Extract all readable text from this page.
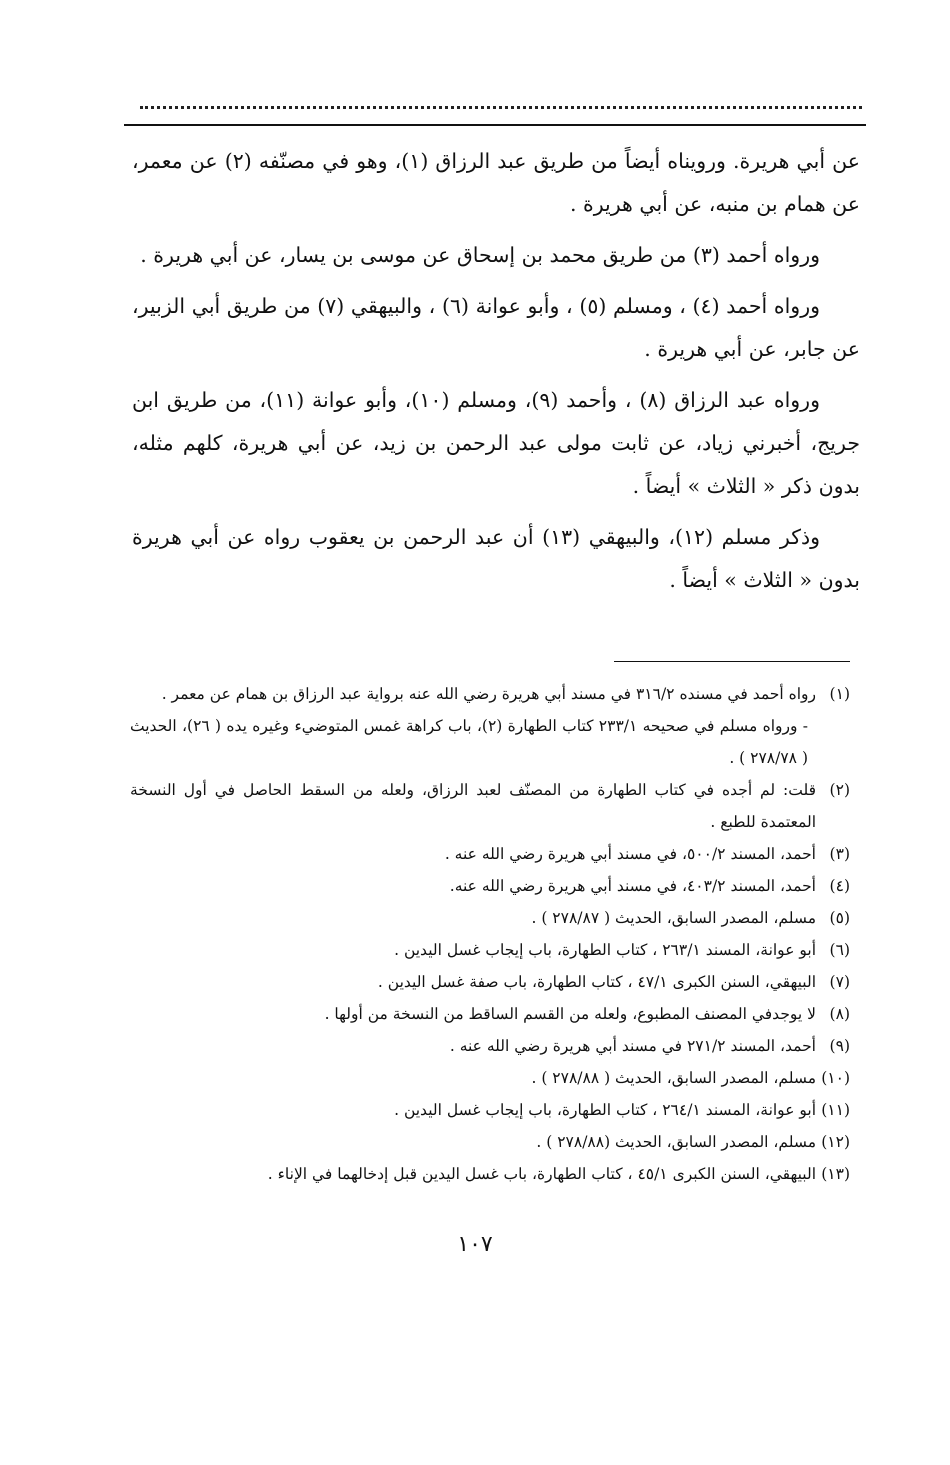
عن أبي هريرة. ورويناه أيضاً من طريق عبد الرزاق (١)، وهو في مصنّفه (٢) عن معمر، عن همام بن منبه، عن أبي هريرة .

ورواه أحمد (٣) من طريق محمد بن إسحاق عن موسى بن يسار، عن أبي هريرة .

ورواه أحمد (٤) ، ومسلم (٥) ، وأبو عوانة (٦) ، والبيهقي (٧) من طريق أبي الزبير، عن جابر، عن أبي هريرة .

ورواه عبد الرزاق (٨) ، وأحمد (٩)، ومسلم (١٠)، وأبو عوانة (١١)، من طريق ابن جريج، أخبرني زياد، عن ثابت مولى عبد الرحمن بن زيد، عن أبي هريرة، كلهم مثله، بدون ذكر « الثلاث » أيضاً .

وذكر مسلم (١٢)، والبيهقي (١٣) أن عبد الرحمن بن يعقوب رواه عن أبي هريرة بدون « الثلاث » أيضاً .

(١)
رواه أحمد في مسنده ٣١٦/٢ في مسند أبي هريرة رضي الله عنه برواية عبد الرزاق بن همام عن معمر .
- ورواه مسلم في صحيحه ٢٣٣/١ كتاب الطهارة (٢)، باب كراهة غمس المتوضيء وغيره يده ( ٢٦)، الحديث ( ٢٧٨/٧٨ ) .
(٢)
قلت: لم أجده في كتاب الطهارة من المصنّف لعبد الرزاق، ولعله من السقط الحاصل في أول النسخة المعتمدة للطبع .
(٣)
أحمد، المسند ٥٠٠/٢، في مسند أبي هريرة رضي الله عنه .
(٤)
أحمد، المسند ٤٠٣/٢، في مسند أبي هريرة رضي الله عنه.
(٥)
مسلم، المصدر السابق، الحديث ( ٢٧٨/٨٧ ) .
(٦)
أبو عوانة، المسند ٢٦٣/١ ، كتاب الطهارة، باب إيجاب غسل اليدين .
(٧)
البيهقي، السنن الكبرى ٤٧/١ ، كتاب الطهارة، باب صفة غسل اليدين .
(٨)
لا يوجدفي المصنف المطبوع، ولعله من القسم الساقط من النسخة من أولها .
(٩)
أحمد، المسند ٢٧١/٢ في مسند أبي هريرة رضي الله عنه .
(١٠)
مسلم، المصدر السابق، الحديث ( ٢٧٨/٨٨ ) .
(١١)
أبو عوانة، المسند ٢٦٤/١ ، كتاب الطهارة، باب إيجاب غسل اليدين .
(١٢)
مسلم، المصدر السابق، الحديث (٢٧٨/٨٨ ) .
(١٣)
البيهقي، السنن الكبرى ٤٥/١ ، كتاب الطهارة، باب غسل اليدين قبل إدخالهما في الإناء .
١٠٧
